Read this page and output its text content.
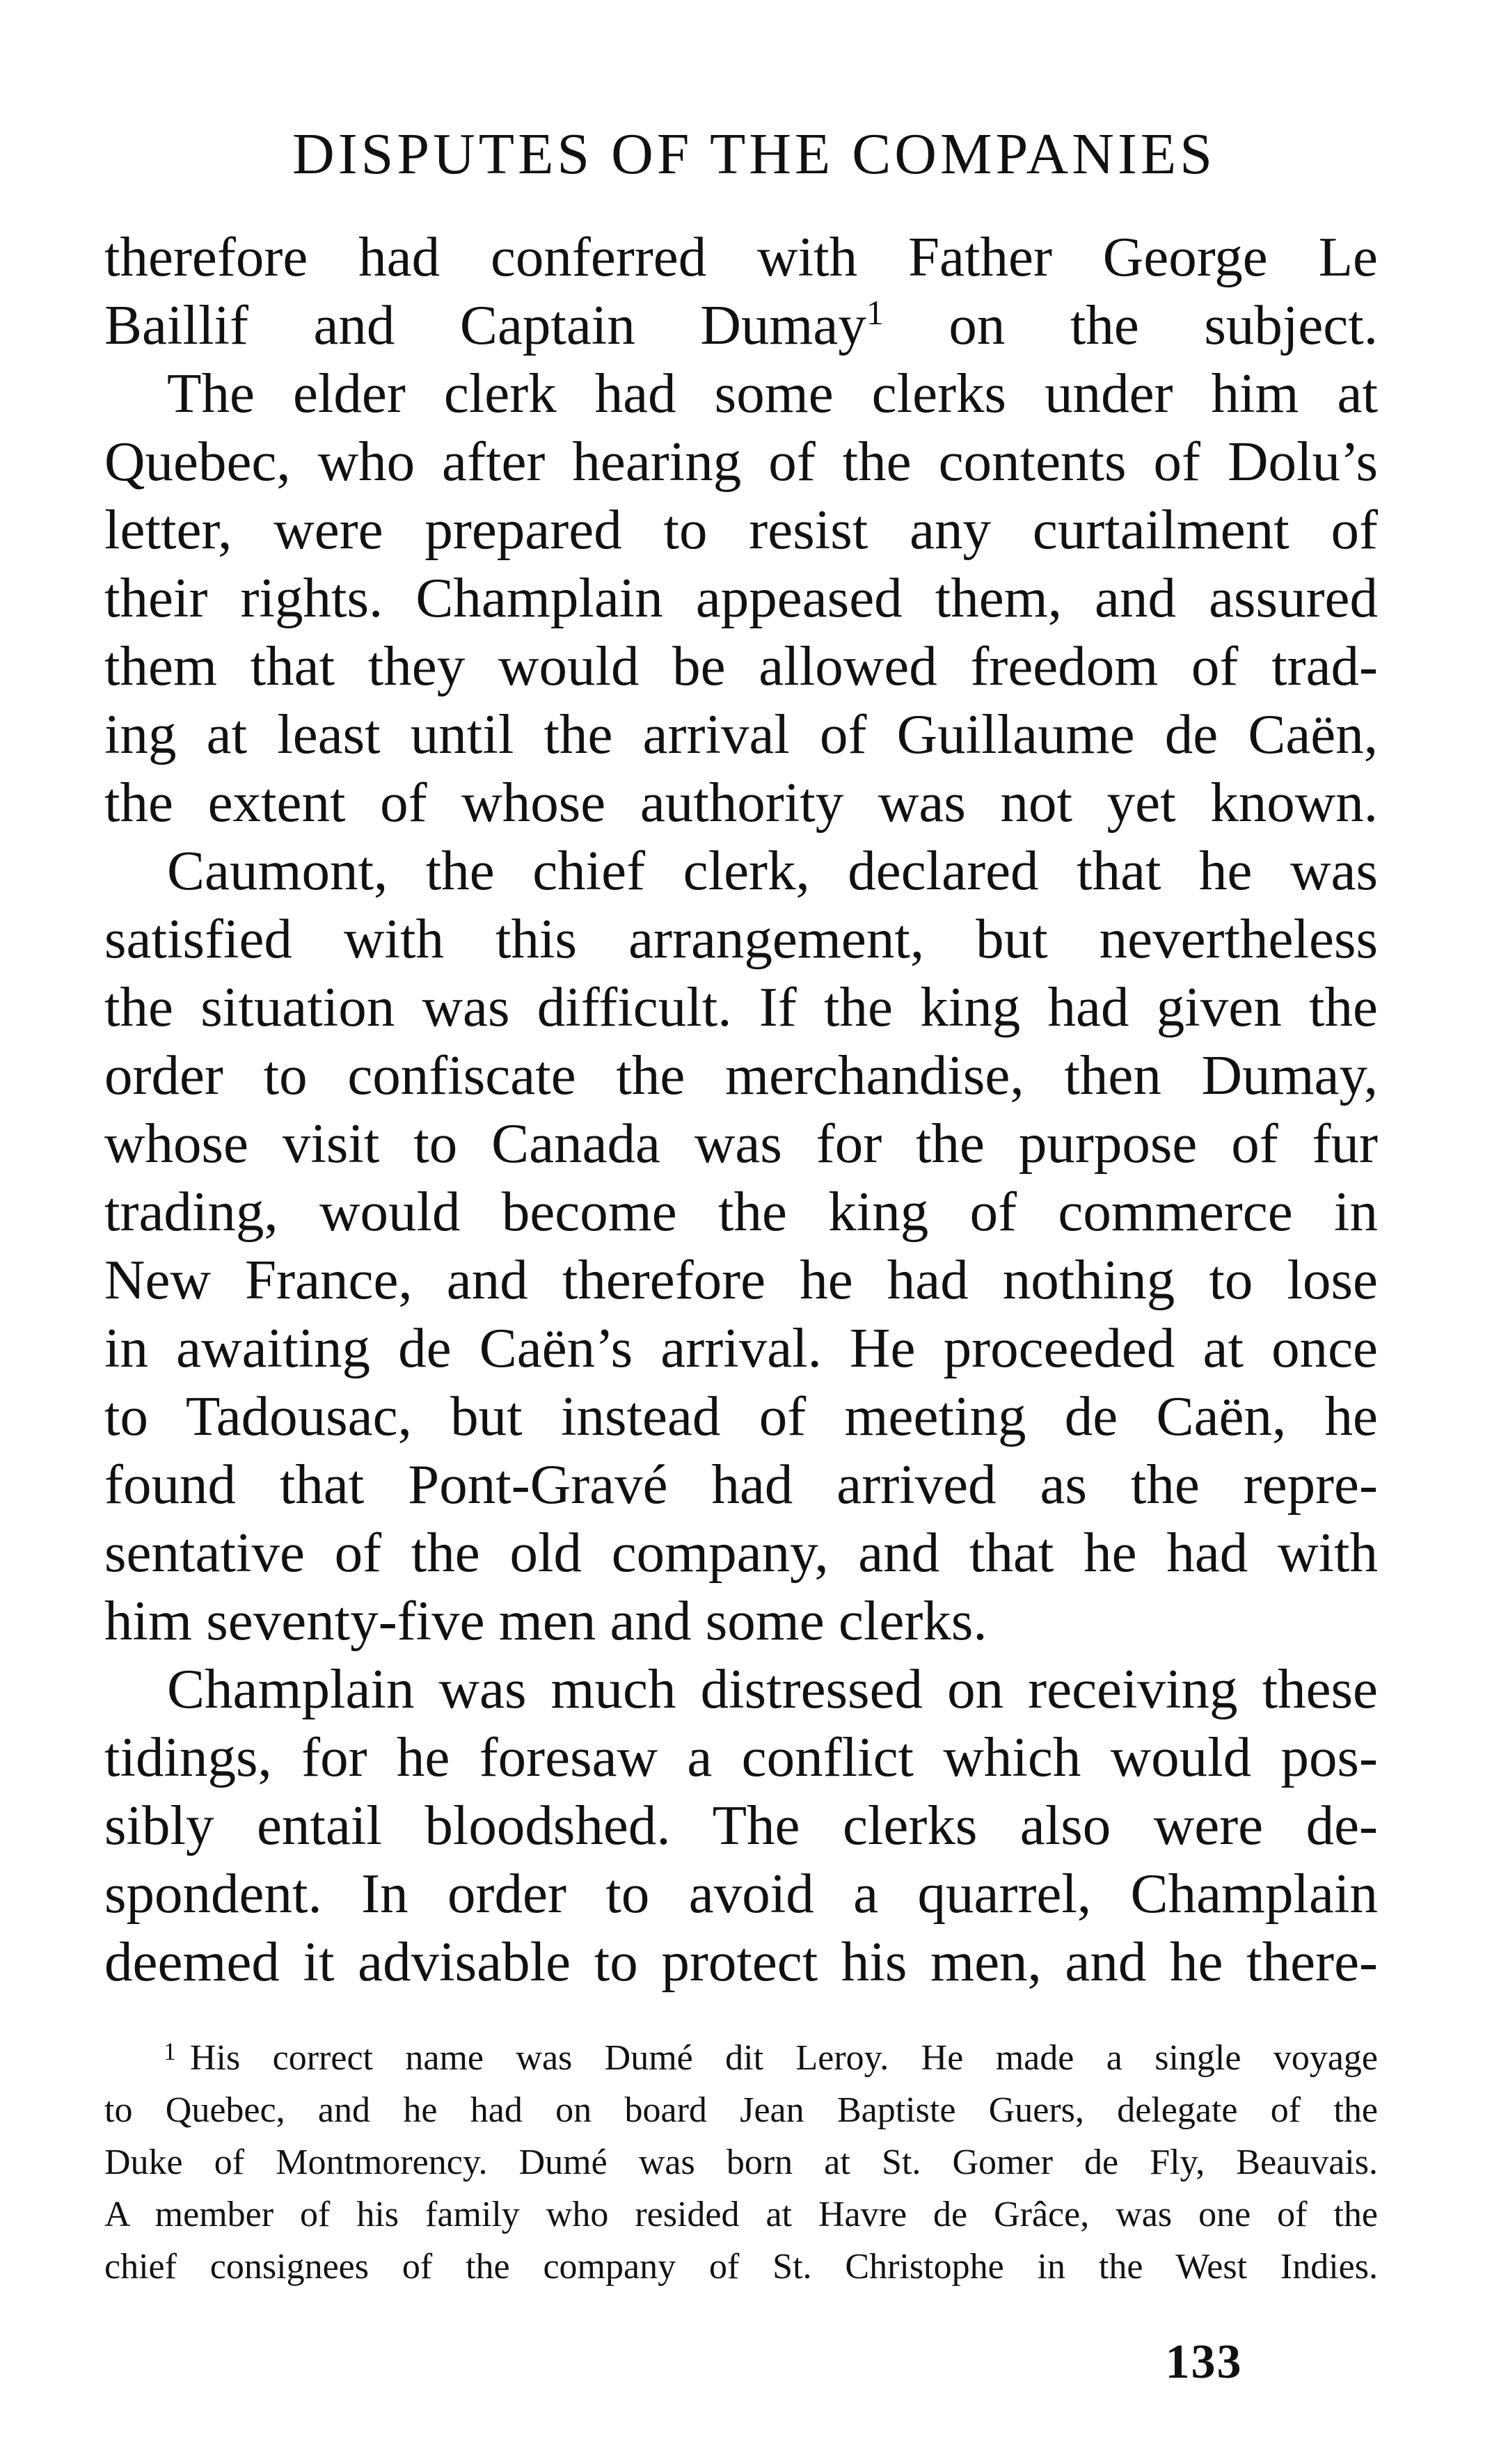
DISPUTES OF THE COMPANIES
therefore had conferred with Father George Le
Baillif and Captain Dumay$^1$ on the subject.
The elder clerk had some clerks under him at
Quebec, who after hearing of the contents of Dolu’s
letter, were prepared to resist any curtailment of
their rights. Champlain appeased them, and assured
them that they would be allowed freedom of trad-
ing at least until the arrival of Guillaume de Caën,
the extent of whose authority was not yet known.
Caumont, the chief clerk, declared that he was
satisfied with this arrangement, but nevertheless
the situation was difficult. If the king had given the
order to confiscate the merchandise, then Dumay,
whose visit to Canada was for the purpose of fur
trading, would become the king of commerce in
New France, and therefore he had nothing to lose
in awaiting de Caën’s arrival. He proceeded at once
to Tadousac, but instead of meeting de Caën, he
found that Pont-Gravé had arrived as the repre-
sentative of the old company, and that he had with
him seventy-five men and some clerks.
Champlain was much distressed on receiving these
tidings, for he foresaw a conflict which would pos-
sibly entail bloodshed. The clerks also were de-
spondent. In order to avoid a quarrel, Champlain
deemed it advisable to protect his men, and he there-
$^1$ His correct name was Dumé dit Leroy. He made a single voyage
to Quebec, and he had on board Jean Baptiste Guers, delegate of the
Duke of Montmorency. Dumé was born at St. Gomer de Fly, Beauvais.
A member of his family who resided at Havre de Grâce, was one of the
chief consignees of the company of St. Christophe in the West Indies.
133
